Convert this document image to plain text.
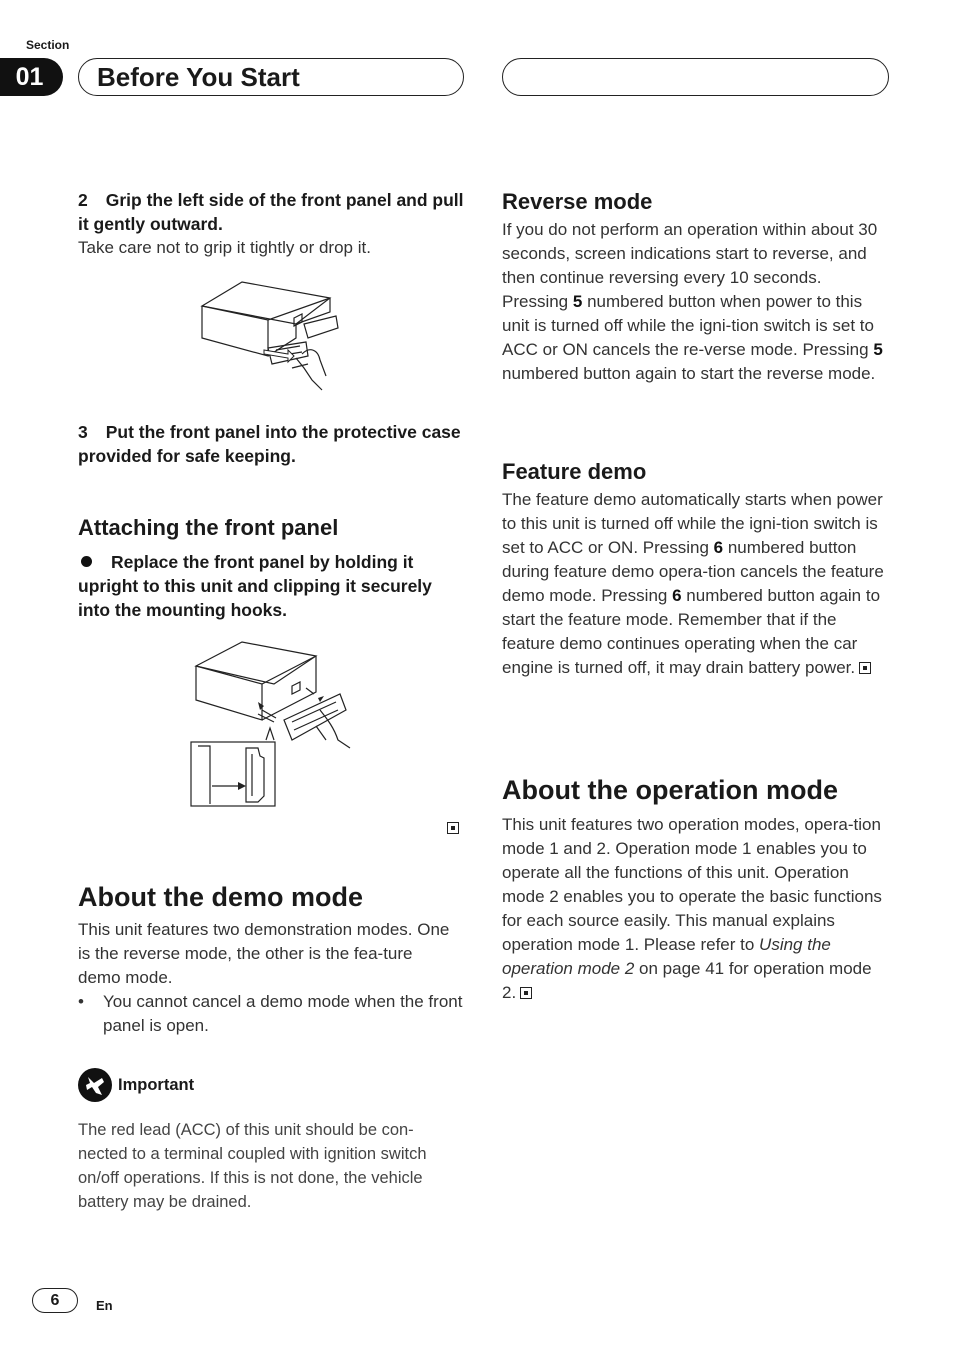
Section
01	Before You Start

2 Grip the left side of the front panel and pull it gently outward.

Take care not to grip it tightly or drop it.

3 Put the front panel into the protective case provided for safe keeping.

Attaching the front panel

Replace the front panel by holding it upright to this unit and clipping it securely into the mounting hooks.

About the demo mode

This unit features two demonstration modes. One is the reverse mode, the other is the fea-ture demo mode.

• You cannot cancel a demo mode when the front panel is open.

Important

The red lead (ACC) of this unit should be con-nected to a terminal coupled with ignition switch on/off operations. If this is not done, the vehicle battery may be drained.

Reverse mode

If you do not perform an operation within about 30 seconds, screen indications start to reverse, and then continue reversing every 10 seconds. Pressing 5 numbered button when power to this unit is turned off while the igni-tion switch is set to ACC or ON cancels the re-verse mode. Pressing 5 numbered button again to start the reverse mode.

Feature demo

The feature demo automatically starts when power to this unit is turned off while the igni-tion switch is set to ACC or ON. Pressing 6 numbered button during feature demo opera-tion cancels the feature demo mode. Pressing 6 numbered button again to start the feature mode. Remember that if the feature demo continues operating when the car engine is turned off, it may drain battery power.

About the operation mode

This unit features two operation modes, opera-tion mode 1 and 2. Operation mode 1 enables you to operate all the functions of this unit. Operation mode 2 enables you to operate the basic functions for each source easily. This manual explains operation mode 1. Please refer to Using the operation mode 2 on page 41 for operation mode 2.

6	En
